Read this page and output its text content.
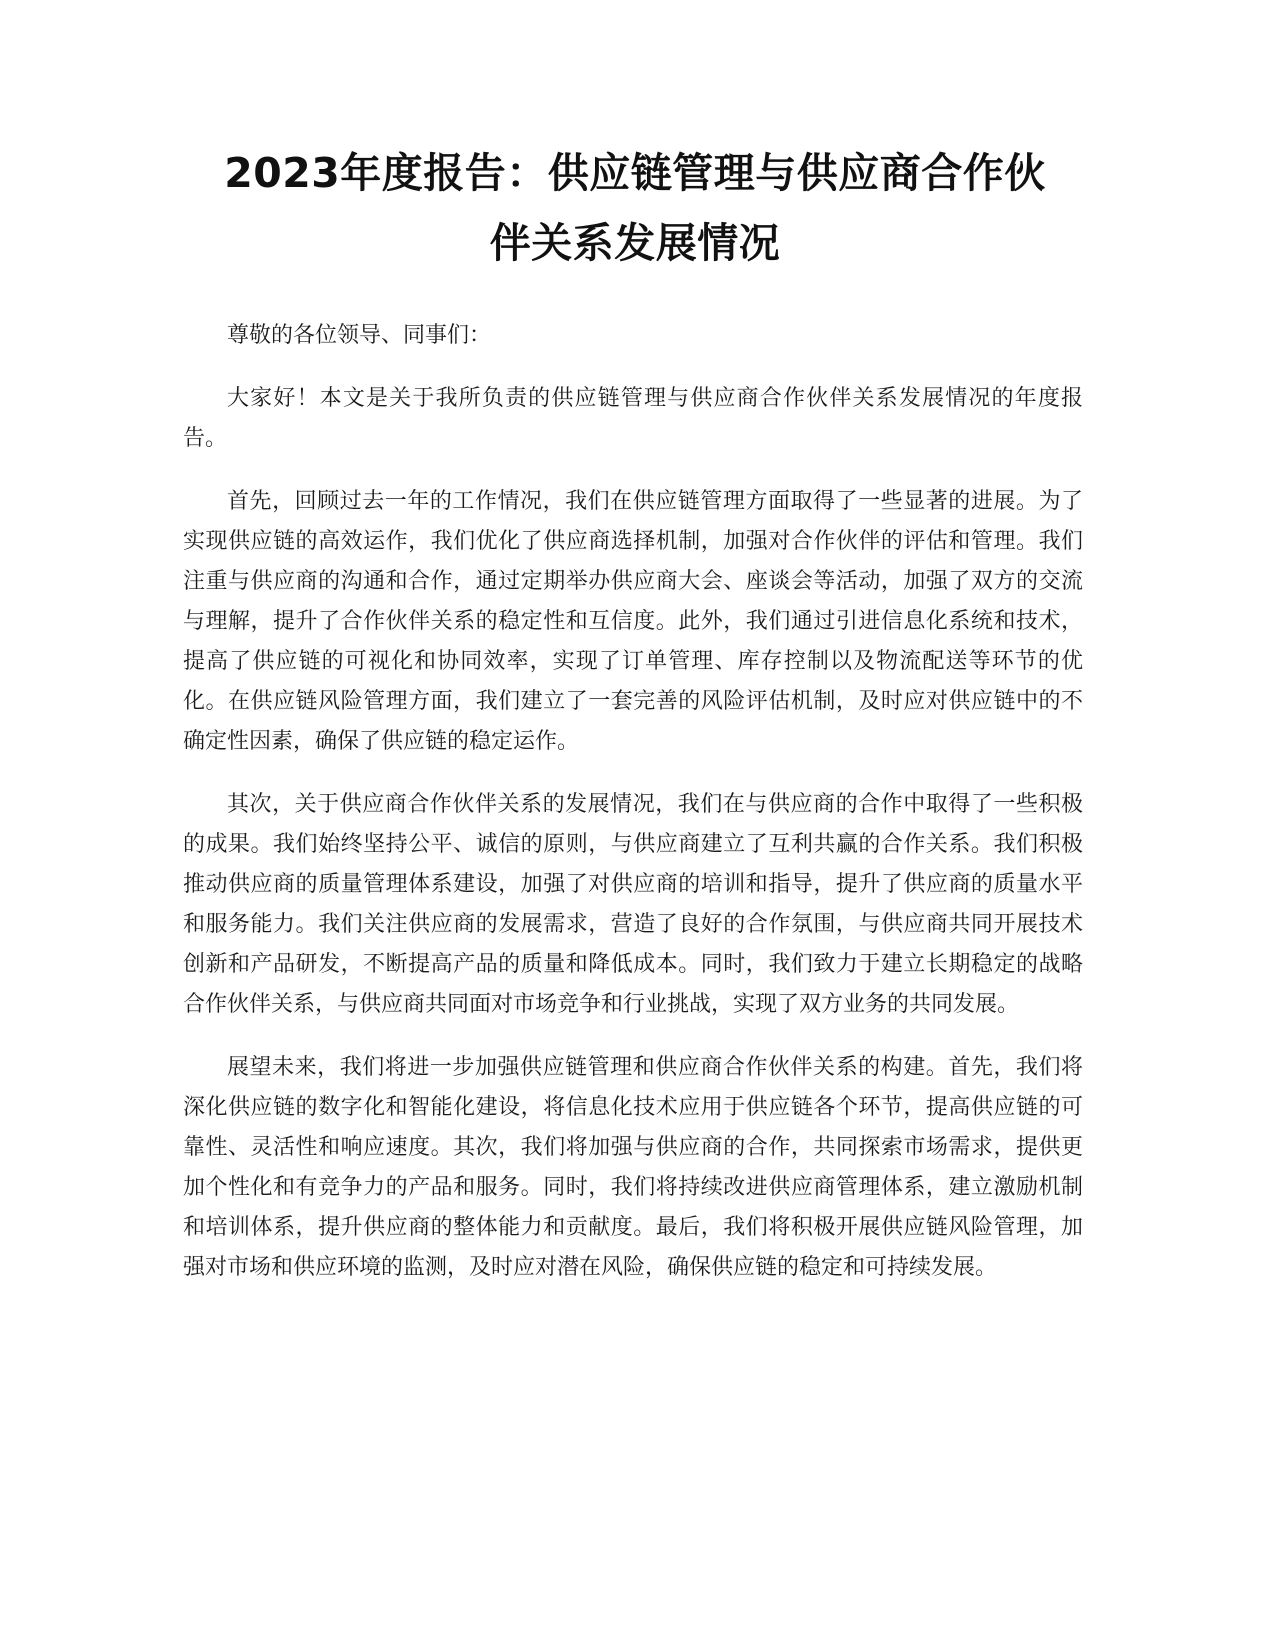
2023年度报告：供应链管理与供应商合作伙
伴关系发展情况

尊敬的各位领导、同事们：

大家好！本文是关于我所负责的供应链管理与供应商合作伙伴关系发展情况的年度报告。

首先，回顾过去一年的工作情况，我们在供应链管理方面取得了一些显著的进展。为了实现供应链的高效运作，我们优化了供应商选择机制，加强对合作伙伴的评估和管理。我们注重与供应商的沟通和合作，通过定期举办供应商大会、座谈会等活动，加强了双方的交流与理解，提升了合作伙伴关系的稳定性和互信度。此外，我们通过引进信息化系统和技术，提高了供应链的可视化和协同效率，实现了订单管理、库存控制以及物流配送等环节的优化。在供应链风险管理方面，我们建立了一套完善的风险评估机制，及时应对供应链中的不确定性因素，确保了供应链的稳定运作。

其次，关于供应商合作伙伴关系的发展情况，我们在与供应商的合作中取得了一些积极的成果。我们始终坚持公平、诚信的原则，与供应商建立了互利共赢的合作关系。我们积极推动供应商的质量管理体系建设，加强了对供应商的培训和指导，提升了供应商的质量水平和服务能力。我们关注供应商的发展需求，营造了良好的合作氛围，与供应商共同开展技术创新和产品研发，不断提高产品的质量和降低成本。同时，我们致力于建立长期稳定的战略合作伙伴关系，与供应商共同面对市场竞争和行业挑战，实现了双方业务的共同发展。

展望未来，我们将进一步加强供应链管理和供应商合作伙伴关系的构建。首先，我们将深化供应链的数字化和智能化建设，将信息化技术应用于供应链各个环节，提高供应链的可靠性、灵活性和响应速度。其次，我们将加强与供应商的合作，共同探索市场需求，提供更加个性化和有竞争力的产品和服务。同时，我们将持续改进供应商管理体系，建立激励机制和培训体系，提升供应商的整体能力和贡献度。最后，我们将积极开展供应链风险管理，加强对市场和供应环境的监测，及时应对潜在风险，确保供应链的稳定和可持续发展。
